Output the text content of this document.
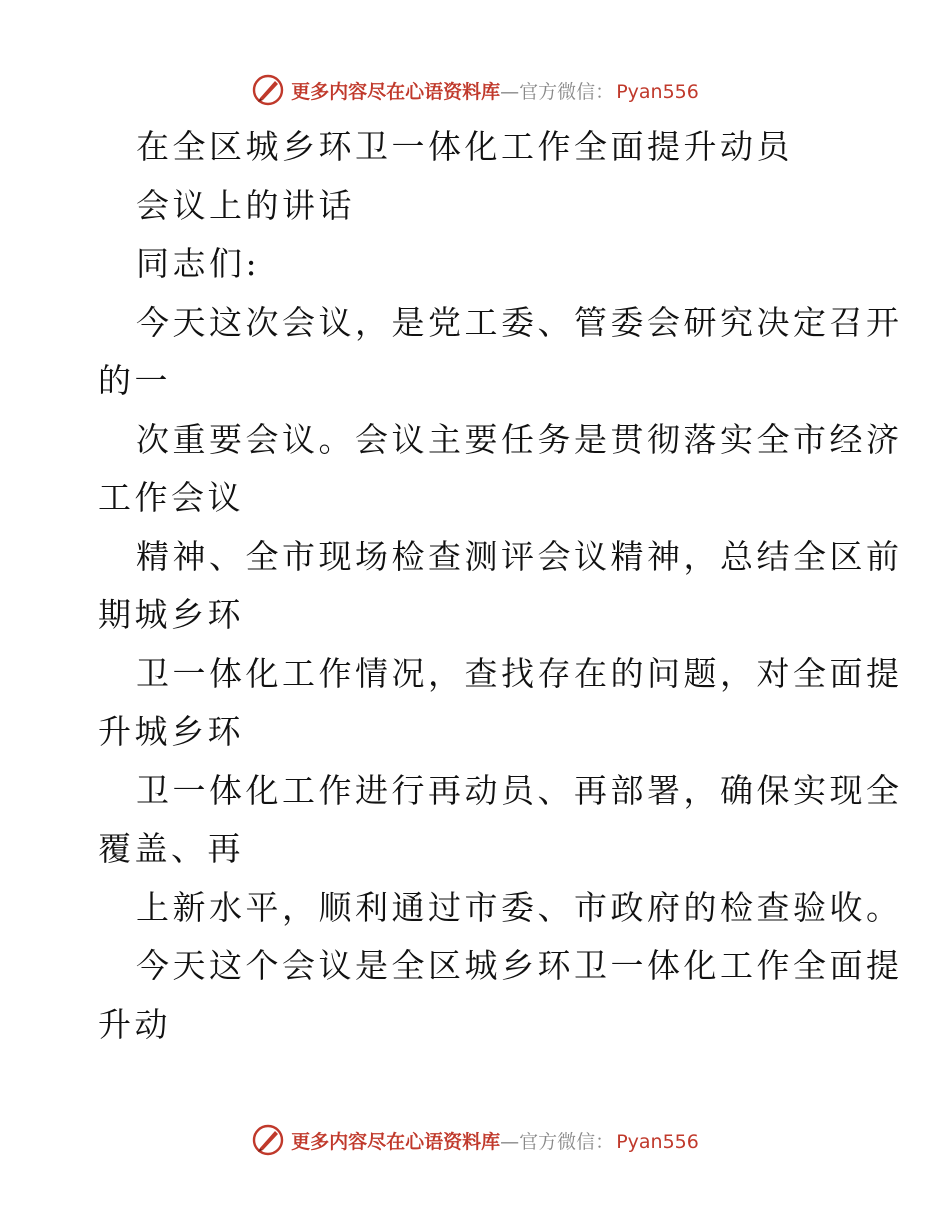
更多内容尽在心语资料库 — 官方微信： Pyan556
在全区城乡环卫一体化工作全面提升动员
会议上的讲话
同志们:
今天这次会议，是党工委、管委会研究决定召开
的一
次重要会议。会议主要任务是贯彻落实全市经济
工作会议
精神、全市现场检查测评会议精神，总结全区前
期城乡环
卫一体化工作情况，查找存在的问题，对全面提
升城乡环
卫一体化工作进行再动员、再部署，确保实现全
覆盖、再
上新水平，顺利通过市委、市政府的检查验收。
今天这个会议是全区城乡环卫一体化工作全面提
升动
更多内容尽在心语资料库 — 官方微信： Pyan556
